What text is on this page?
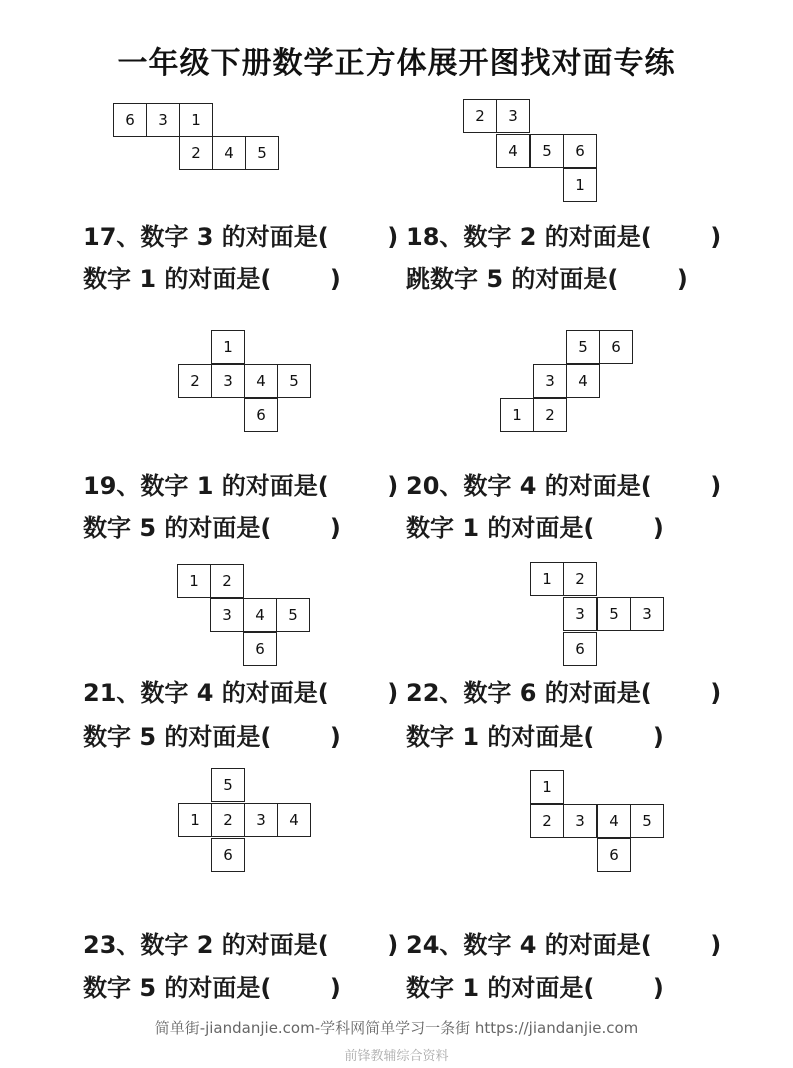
一年级下册数学正方体展开图找对面专练
6	3	1
2	4	5
2	3
4	5	6
1
17、数字 3 的对面是(       )
数字 1 的对面是(       )
18、数字 2 的对面是(       )
跳数字 5 的对面是(       )
1
2	3	4	5
6
5	6
3	4
1	2
19、数字 1 的对面是(       )
数字 5 的对面是(       )
20、数字 4 的对面是(       )
数字 1 的对面是(       )
1	2
3	4	5
6
1	2
3	5	3
6
21、数字 4 的对面是(       )
数字 5 的对面是(       )
22、数字 6 的对面是(       )
数字 1 的对面是(       )
5
1	2	3	4
6
1
2	3	4	5
6
23、数字 2 的对面是(       )
数字 5 的对面是(       )
24、数字 4 的对面是(       )
数字 1 的对面是(       )
简单街-jiandanjie.com-学科网简单学习一条街 https://jiandanjie.com
前锋教辅综合资料
